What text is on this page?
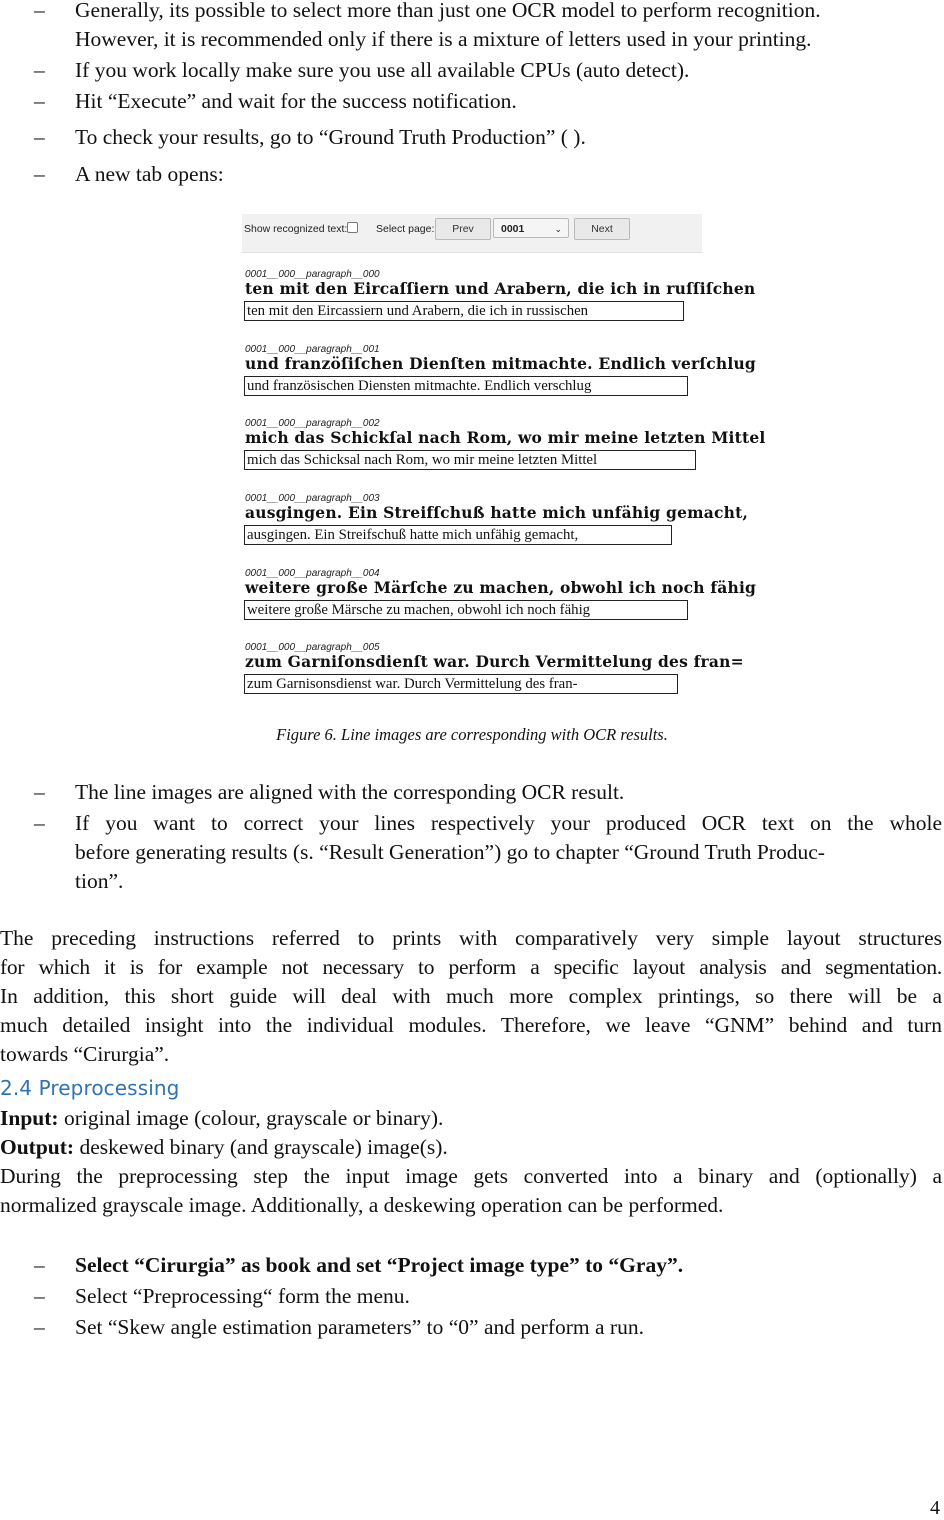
– Generally, its possible to select more than just one OCR model to perform recognition.
However, it is recommended only if there is a mixture of letters used in your printing.
– If you work locally make sure you use all available CPUs (auto detect).
– Hit “Execute” and wait for the success notification.
– To check your results, go to “Ground Truth Production” ( ).
– A new tab opens:
Show recognized text:	Select page:	Prev	0001	⌄	Next
0001__000__paragraph__000
ten mit den Eircaſſiern und Arabern, die ich in ruſſiſchen
ten mit den Eircassiern und Arabern, die ich in russischen
0001__000__paragraph__001
und franzöſiſchen Dienſten mitmachte. Endlich verſchlug
und französischen Diensten mitmachte. Endlich verschlug
0001__000__paragraph__002
mich das Schickſal nach Rom, wo mir meine letzten Mittel
mich das Schicksal nach Rom, wo mir meine letzten Mittel
0001__000__paragraph__003
ausgingen. Ein Streifſchuß hatte mich unfähig gemacht,
ausgingen. Ein Streifschuß hatte mich unfähig gemacht,
0001__000__paragraph__004
weitere große Märſche zu machen, obwohl ich noch fähig
weitere große Märsche zu machen, obwohl ich noch fähig
0001__000__paragraph__005
zum Garniſonsdienſt war. Durch Vermittelung des fran=
zum Garnisonsdienst war. Durch Vermittelung des fran-
Figure 6. Line images are corresponding with OCR results.
– The line images are aligned with the corresponding OCR result.
– If you want to correct your lines respectively your produced OCR text on the whole
before generating results (s. “Result Generation”) go to chapter “Ground Truth Produc-
tion”.
The preceding instructions referred to prints with comparatively very simple layout structures
for which it is for example not necessary to perform a specific layout analysis and segmentation.
In addition, this short guide will deal with much more complex printings, so there will be a
much detailed insight into the individual modules. Therefore, we leave “GNM” behind and turn
towards “Cirurgia”.
2.4 Preprocessing
Input: original image (colour, grayscale or binary).
Output: deskewed binary (and grayscale) image(s).
During the preprocessing step the input image gets converted into a binary and (optionally) a
normalized grayscale image. Additionally, a deskewing operation can be performed.
– Select “Cirurgia” as book and set “Project image type” to “Gray”.
– Select “Preprocessing“ form the menu.
– Set “Skew angle estimation parameters” to “0” and perform a run.
4
